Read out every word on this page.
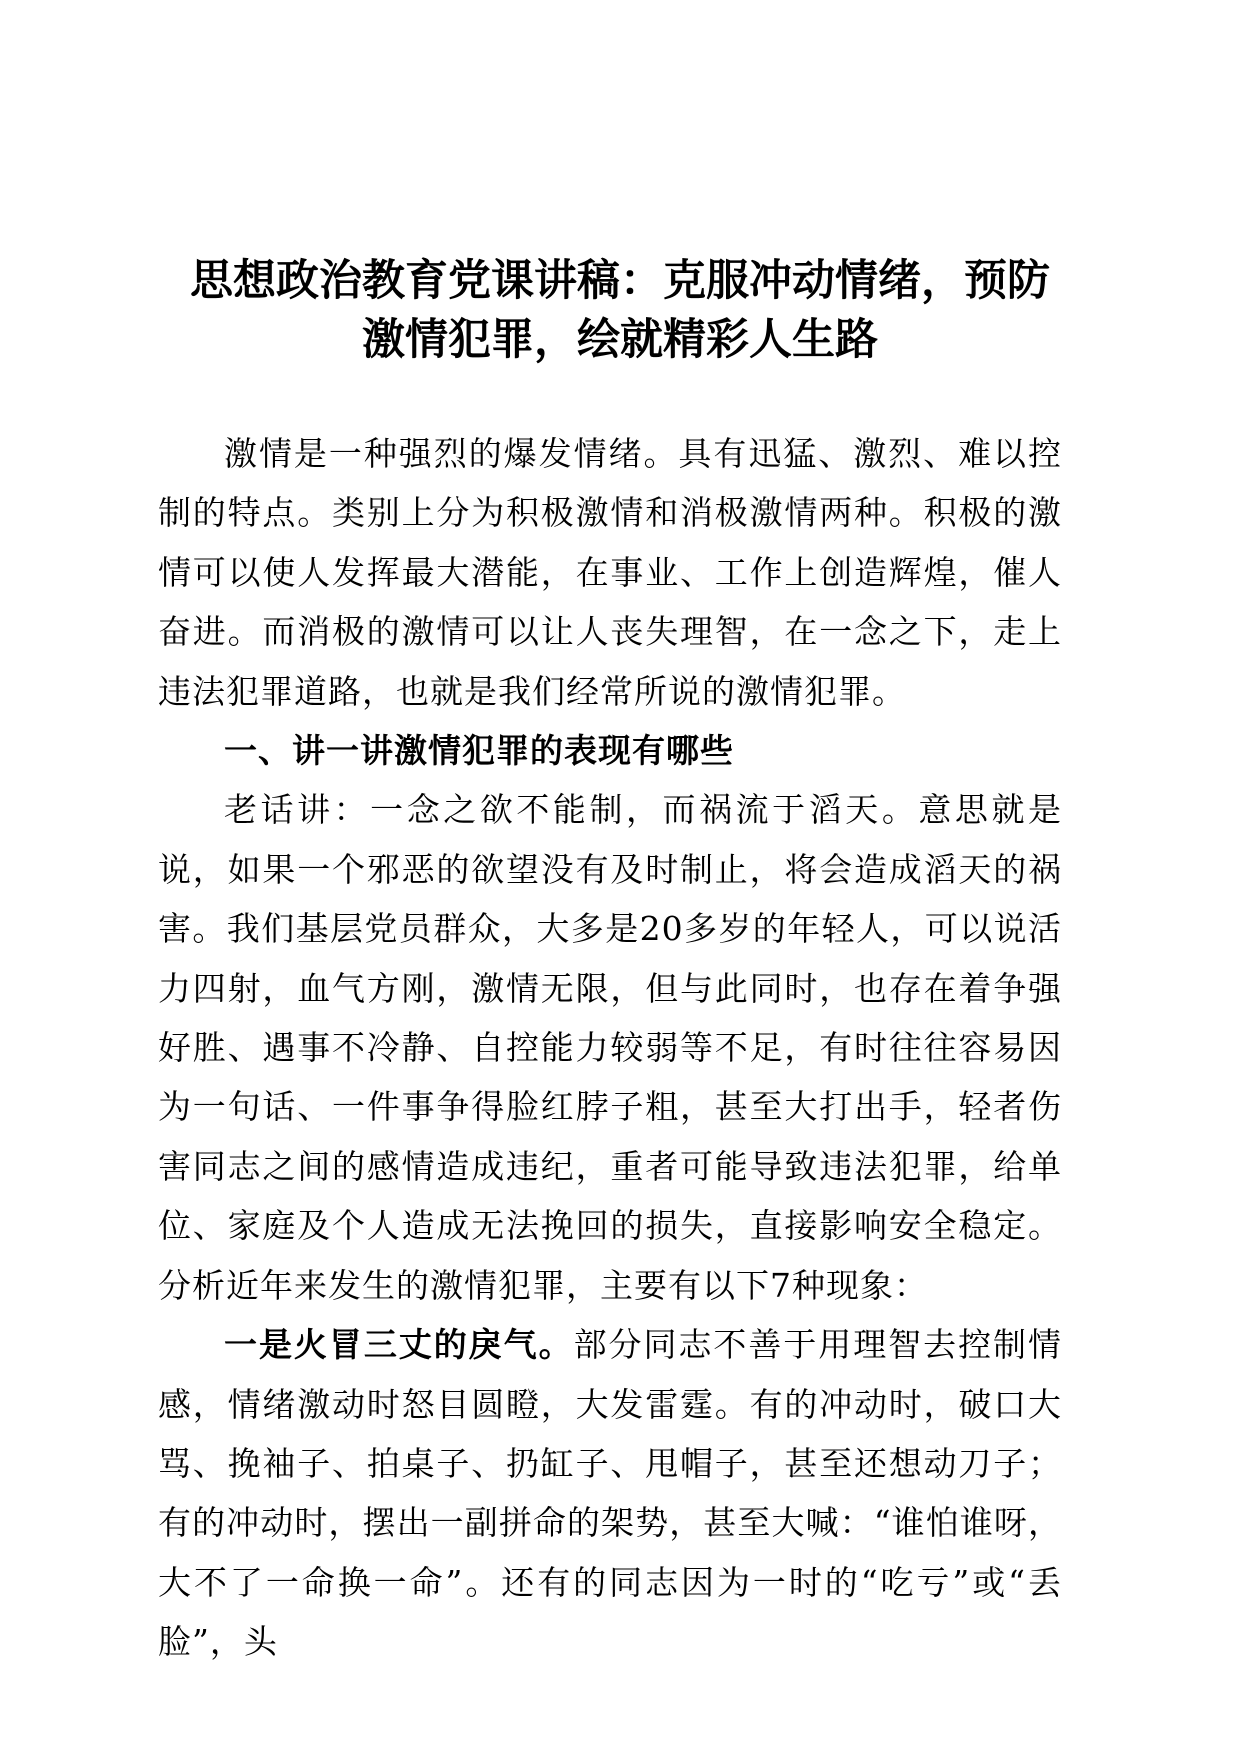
思想政治教育党课讲稿：克服冲动情绪，预防
激情犯罪，绘就精彩人生路

激情是一种强烈的爆发情绪。具有迅猛、激烈、难以控制的特点。类别上分为积极激情和消极激情两种。积极的激情可以使人发挥最大潜能，在事业、工作上创造辉煌，催人奋进。而消极的激情可以让人丧失理智，在一念之下，走上违法犯罪道路，也就是我们经常所说的激情犯罪。

一、讲一讲激情犯罪的表现有哪些

老话讲：一念之欲不能制，而祸流于滔天。意思就是说，如果一个邪恶的欲望没有及时制止，将会造成滔天的祸害。我们基层党员群众，大多是20多岁的年轻人，可以说活力四射，血气方刚，激情无限，但与此同时，也存在着争强好胜、遇事不冷静、自控能力较弱等不足，有时往往容易因为一句话、一件事争得脸红脖子粗，甚至大打出手，轻者伤害同志之间的感情造成违纪，重者可能导致违法犯罪，给单位、家庭及个人造成无法挽回的损失，直接影响安全稳定。分析近年来发生的激情犯罪，主要有以下7种现象：

一是火冒三丈的戾气。部分同志不善于用理智去控制情感，情绪激动时怒目圆瞪，大发雷霆。有的冲动时，破口大骂、挽袖子、拍桌子、扔缸子、甩帽子，甚至还想动刀子；有的冲动时，摆出一副拼命的架势，甚至大喊：“谁怕谁呀，大不了一命换一命”。还有的同志因为一时的“吃亏”或“丢脸”，头
